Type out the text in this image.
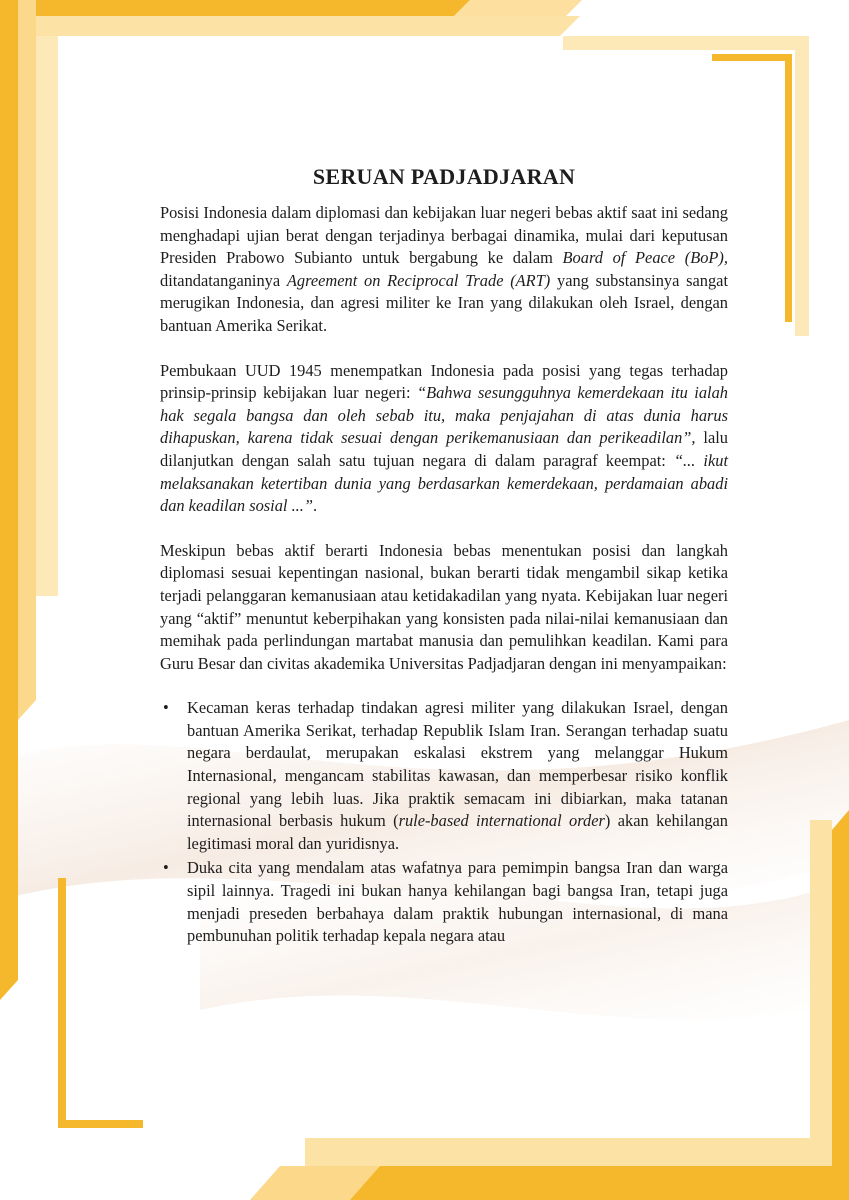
SERUAN PADJADJARAN

Posisi Indonesia dalam diplomasi dan kebijakan luar negeri bebas aktif saat ini sedang menghadapi ujian berat dengan terjadinya berbagai dinamika, mulai dari keputusan Presiden Prabowo Subianto untuk bergabung ke dalam Board of Peace (BoP), ditandatanganinya Agreement on Reciprocal Trade (ART) yang substansinya sangat merugikan Indonesia, dan agresi militer ke Iran yang dilakukan oleh Israel, dengan bantuan Amerika Serikat.

Pembukaan UUD 1945 menempatkan Indonesia pada posisi yang tegas terhadap prinsip-prinsip kebijakan luar negeri: “Bahwa sesungguhnya kemerdekaan itu ialah hak segala bangsa dan oleh sebab itu, maka penjajahan di atas dunia harus dihapuskan, karena tidak sesuai dengan perikemanusiaan dan perikeadilan”, lalu dilanjutkan dengan salah satu tujuan negara di dalam paragraf keempat: “... ikut melaksanakan ketertiban dunia yang berdasarkan kemerdekaan, perdamaian abadi dan keadilan sosial ...”.

Meskipun bebas aktif berarti Indonesia bebas menentukan posisi dan langkah diplomasi sesuai kepentingan nasional, bukan berarti tidak mengambil sikap ketika terjadi pelanggaran kemanusiaan atau ketidakadilan yang nyata. Kebijakan luar negeri yang “aktif” menuntut keberpihakan yang konsisten pada nilai-nilai kemanusiaan dan memihak pada perlindungan martabat manusia dan pemulihkan keadilan. Kami para Guru Besar dan civitas akademika Universitas Padjadjaran dengan ini menyampaikan:

• Kecaman keras terhadap tindakan agresi militer yang dilakukan Israel, dengan bantuan Amerika Serikat, terhadap Republik Islam Iran. Serangan terhadap suatu negara berdaulat, merupakan eskalasi ekstrem yang melanggar Hukum Internasional, mengancam stabilitas kawasan, dan memperbesar risiko konflik regional yang lebih luas. Jika praktik semacam ini dibiarkan, maka tatanan internasional berbasis hukum (rule-based international order) akan kehilangan legitimasi moral dan yuridisnya.
• Duka cita yang mendalam atas wafatnya para pemimpin bangsa Iran dan warga sipil lainnya. Tragedi ini bukan hanya kehilangan bagi bangsa Iran, tetapi juga menjadi preseden berbahaya dalam praktik hubungan internasional, di mana pembunuhan politik terhadap kepala negara atau
